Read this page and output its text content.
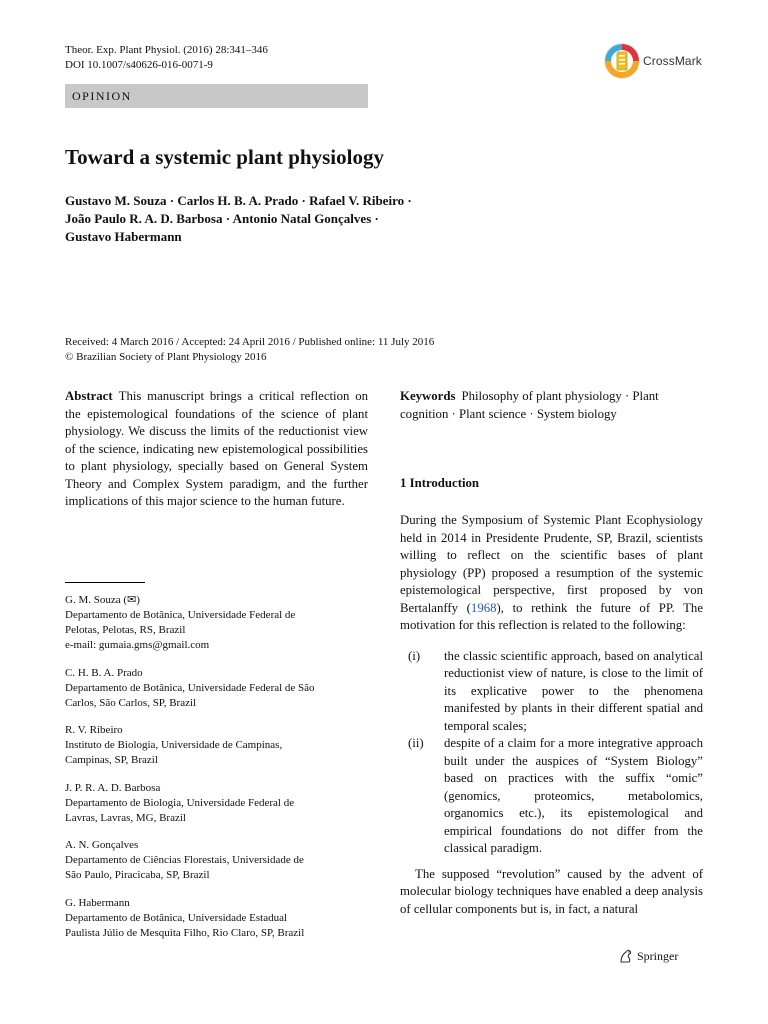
Theor. Exp. Plant Physiol. (2016) 28:341–346
DOI 10.1007/s40626-016-0071-9	CrossMark
OPINION
Toward a systemic plant physiology
Gustavo M. Souza · Carlos H. B. A. Prado · Rafael V. Ribeiro ·
João Paulo R. A. D. Barbosa · Antonio Natal Gonçalves ·
Gustavo Habermann
Received: 4 March 2016 / Accepted: 24 April 2016 / Published online: 11 July 2016
© Brazilian Society of Plant Physiology 2016

Abstract This manuscript brings a critical reflection on the epistemological foundations of the science of plant physiology. We discuss the limits of the reductionist view of the science, indicating new epistemological possibilities to plant physiology, specially based on General System Theory and Complex System paradigm, and the further implications of this major science to the human future.

G. M. Souza (✉)
Departamento de Botânica, Universidade Federal de
Pelotas, Pelotas, RS, Brazil
e-mail: gumaia.gms@gmail.com
C. H. B. A. Prado
Departamento de Botânica, Universidade Federal de São
Carlos, São Carlos, SP, Brazil
R. V. Ribeiro
Instituto de Biologia, Universidade de Campinas,
Campinas, SP, Brazil
J. P. R. A. D. Barbosa
Departamento de Biologia, Universidade Federal de
Lavras, Lavras, MG, Brazil
A. N. Gonçalves
Departamento de Ciências Florestais, Universidade de
São Paulo, Piracicaba, SP, Brazil
G. Habermann
Departamento de Botânica, Universidade Estadual
Paulista Júlio de Mesquita Filho, Rio Claro, SP, Brazil

Keywords Philosophy of plant physiology · Plant cognition · Plant science · System biology

1 Introduction

During the Symposium of Systemic Plant Ecophysiology held in 2014 in Presidente Prudente, SP, Brazil, scientists willing to reflect on the scientific bases of plant physiology (PP) proposed a resumption of the systemic epistemological perspective, first proposed by von Bertalanffy (1968), to rethink the future of PP. The motivation for this reflection is related to the following:

(i)	the classic scientific approach, based on analytical reductionist view of nature, is close to the limit of its explicative power to the phenomena manifested by plants in their different spatial and temporal scales;
(ii)	despite of a claim for a more integrative approach built under the auspices of “System Biology” based on practices with the suffix “omic” (genomics, proteomics, metabolomics, organomics etc.), its epistemological and empirical foundations do not differ from the classical paradigm.

The supposed “revolution” caused by the advent of molecular biology techniques have enabled a deep analysis of cellular components but is, in fact, a natural

Springer
